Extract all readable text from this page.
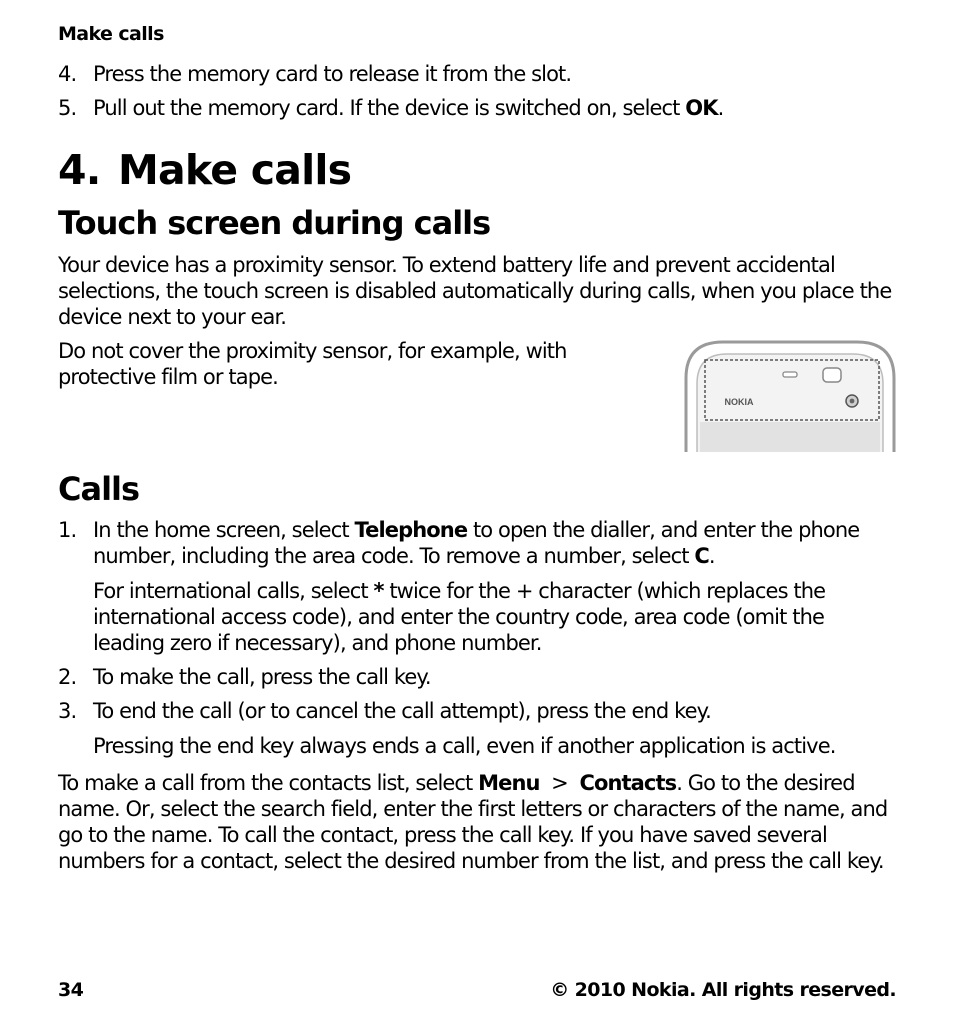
Make calls
4. Press the memory card to release it from the slot.
5. Pull out the memory card. If the device is switched on, select OK.
4. Make calls
Touch screen during calls
Your device has a proximity sensor. To extend battery life and prevent accidental selections, the touch screen is disabled automatically during calls, when you place the device next to your ear.
Do not cover the proximity sensor, for example, with protective film or tape.
NOKIA
Calls
1. In the home screen, select Telephone to open the dialler, and enter the phone number, including the area code. To remove a number, select C.
For international calls, select * twice for the + character (which replaces the international access code), and enter the country code, area code (omit the leading zero if necessary), and phone number.
2. To make the call, press the call key.
3. To end the call (or to cancel the call attempt), press the end key.
Pressing the end key always ends a call, even if another application is active.
To make a call from the contacts list, select Menu  >  Contacts. Go to the desired name. Or, select the search field, enter the first letters or characters of the name, and go to the name. To call the contact, press the call key. If you have saved several numbers for a contact, select the desired number from the list, and press the call key.
34	© 2010 Nokia. All rights reserved.
